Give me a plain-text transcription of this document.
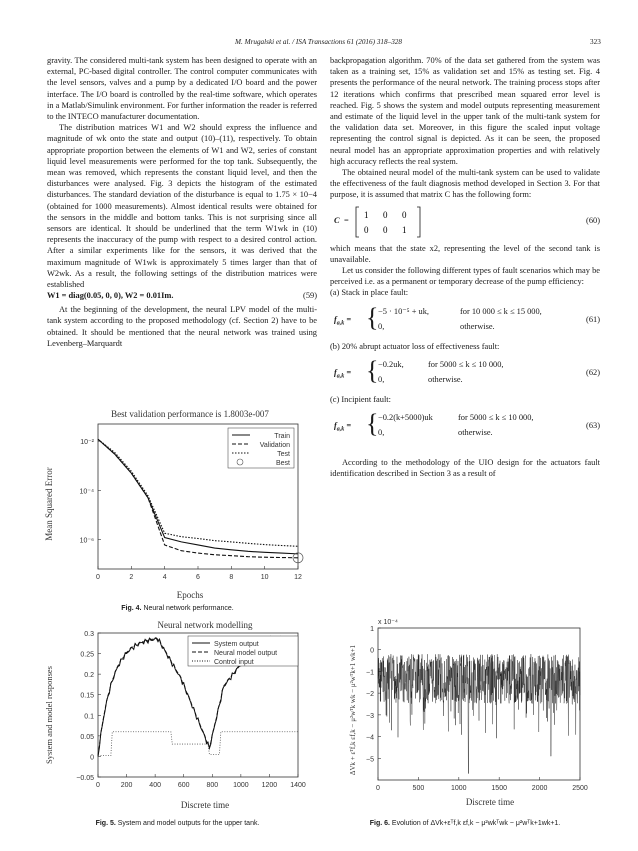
M. Mrugalski et al. / ISA Transactions 61 (2016) 318–328	323

gravity. The considered multi-tank system has been designed to operate with an external, PC-based digital controller. The control computer communicates with the level sensors, valves and a pump by a dedicated I/O board and the power interface. The I/O board is controlled by the real-time software, which operates in a Matlab/Simulink environment. For further information the reader is referred to the INTECO manufacturer documentation.

The distribution matrices W1 and W2 should express the influence and magnitude of wk onto the state and output (10)–(11), respectively. To obtain appropriate proportion between the elements of W1 and W2, series of constant liquid level measurements were performed for the top tank. Subsequently, the mean was removed, which represents the constant liquid level, and then the disturbances were analysed. Fig. 3 depicts the histogram of the estimated disturbances. The standard deviation of the disturbance is equal to 1.75 × 10−4 (obtained for 1000 measurements). Almost identical results were obtained for the sensors in the middle and bottom tanks. This is not surprising since all sensors are identical. It should be underlined that the term W1wk in (10) represents the inaccuracy of the pump with respect to a desired control action. After a similar experiments like for the sensors, it was derived that the maximum magnitude of W1wk is approximately 5 times larger than that of W2wk. As a result, the following settings of the distribution matrices were established

W1 = diag(0.05, 0, 0), W2 = 0.01Im.	(59)

At the beginning of the development, the neural LPV model of the multi-tank system according to the proposed methodology (cf. Section 2) have to be obtained. It should be mentioned that the neural network was trained using Levenberg–Marquardt

backpropagation algorithm. 70% of the data set gathered from the system was taken as a training set, 15% as validation set and 15% as testing set. Fig. 4 presents the performance of the neural network. The training process stops after 12 iterations which confirms that prescribed mean squared error level is reached. Fig. 5 shows the system and model outputs representing measurement and estimate of the liquid level in the upper tank of the multi-tank system for the validation data set. Moreover, in this figure the scaled input voltage representing the control signal is depicted. As it can be seen, the proposed neural model has an appropriate approximation properties and with relatively high accuracy reflects the real system.

The obtained neural model of the multi-tank system can be used to validate the effectiveness of the fault diagnosis method developed in Section 3. For that purpose, it is assumed that matrix C has the following form:

C =
1 0 0
0 0 1
(60)

which means that the state x2, representing the level of the second tank is unavailable.

Let us consider the following different types of fault scenarios which may be perceived i.e. as a permanent or temporary decrease of the pump efficiency:

(a) Stack in place fault:

$f_{a,k}$ = { −5 · 10⁻⁵ + uk,	for 10 000 ≤ k ≤ 15 000,
0,	otherwise.
(61)

(b) 20% abrupt actuator loss of effectiveness fault:

$f_{a,k}$ = { −0.2uk,	for 5000 ≤ k ≤ 10 000,
0,	otherwise.
(62)

(c) Incipient fault:

$f_{a,k}$ = { −0.2(k+5000)uk	for 5000 ≤ k ≤ 10 000,
0,	otherwise.
(63)

According to the methodology of the UIO design for the actuators fault identification described in Section 3 as a result of

Best validation performance is 1.8003e-007
Mean Squared Error
Epochs
0	2	4	6	8	10	12
10⁻²
10⁻⁴
10⁻⁶
Train
Validation
Test
Best
Fig. 4. Neural network performance.
Neural network modelling
System and model responses
Discrete time
0	200 400 600 800 1000 1200 1400
0.3
0.25
0.2
0.15
0.1
0.05
0
−0.05
System output
Neural model output
Control input
Fig. 5. System and model outputs for the upper tank.
ΔVk + εᵀf,k εf,k − μ²wᵀk wk − μ²wᵀk+1 wk+1
Discrete time
x 10⁻⁴
0	500	1000	1500	2000	2500
1
0
−1
−2
−3
−4
−5
Fig. 6. Evolution of ΔVk+εᵀf,k εf,k − μ²wkᵀwk − μ²wᵀk+1wk+1.
